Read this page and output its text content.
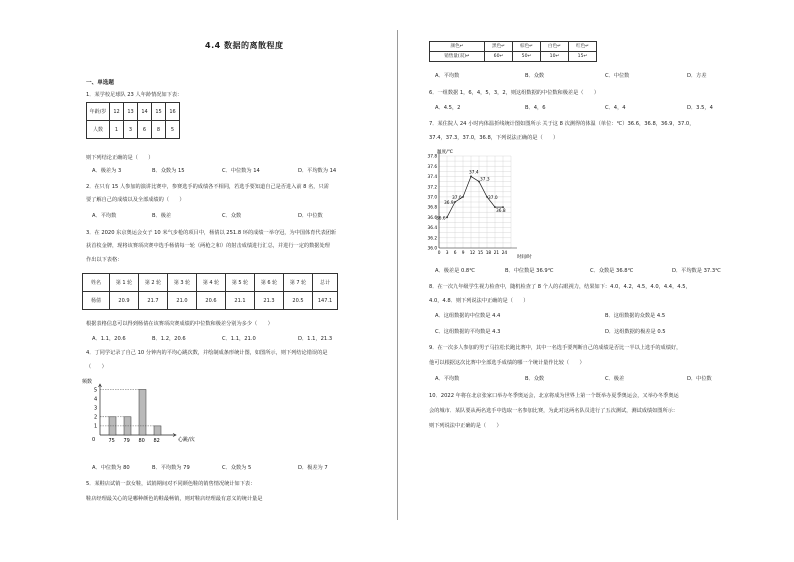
4.4 数据的离散程度
一、单选题
1．某学校足球队 23 人年龄情况如下表：
年龄/岁	12	13	14	15	16
人数	1	3	6	8	5
则下列结论正确的是（　　）
A．极差为 3	B．众数为 15	C．中位数为 14	D．平均数为 14
2．在只有 15 人参加的演讲比赛中，参赛选手的成绩各不相同，若选手要知道自己是否进入前 8 名，只需
要了解自己的成绩以及全部成绩的（　　）
A．平均数	B．极差	C．众数	D．中位数
3．在 2020 东京奥运会女子 10 米气步枪的项目中，杨倩以 251.8 环的成绩一举夺冠，为中国体育代表团斩
获首枚金牌，现将该赛项决赛中选手杨倩每一轮（两枪之和）的射击成绩进行汇总，并进行一定的数据处理
作出以下表格：
姓名	第 1 轮	第 2 轮	第 3 轮	第 4 轮	第 5 轮	第 6 轮	第 7 轮	总计
杨倩	20.9	21.7	21.0	20.6	21.1	21.3	20.5	147.1
根据表格信息可以得到杨倩在该赛项决赛成绩的中位数和极差分别为多少（　　）
A．1.1，20.6	B．1.2，20.6	C．1.1，21.0	D．1.1，21.3
4．丁同学记录了自己 10 分钟内的平均心跳次数，并绘制成条形统计图，如图所示，则下列结论错误的是
（　　）
频数
心跳/次
0
1
2
3
4
5
75 79 80 82
A．中位数为 80	B．平均数为 79	C．众数为 5	D．极差为 7
5．某鞋店试销一款女鞋，试销期间对不同颜色鞋的销售情况统计如下表：
鞋店经理最关心的是哪种颜色的鞋最畅销，则对鞋店经理最有意义的统计量是
颜色↵	黑色↵	棕色↵	白色↵	红色↵
销售量(双)↵	60↵	50↵	10↵	15↵
A．平均数	B．众数	C．中位数	D．方差
6．一组数据 1，6，4，5，3，2，则这组数据的中位数和极差是（　　）
A．4.5，2	B．4，6	C．4，4	D．3.5，4
7．某住院人 24 小时内体温折线统计图如图所示 关于这 8 次测得的体温（单位：℃）36.6，36.8，36.9，37.0，
37.4，37.3，37.0，36.8，下列说法正确的是（　　）
温度/℃
时间/时
36.0
36.2
36.4
36.6
36.8
37.0
37.2
37.4
37.6
37.8
0 3 6 9 12 15 18 21 24
36.6
36.9
37.0
37.4
37.3
37.0
36.8
A．极差是 0.8℃	B．中位数是 36.9℃	C．众数是 36.8℃	D．平均数是 37.3℃
8．在一次九年级学生视力检查中，随机检查了 8 个人的右眼视力，结果如下：4.0，4.2，4.5，4.0，4.4，4.5，
4.0，4.8．则下列说法中正确的是（　　）
A．这组数据的中位数是 4.4	B．这组数据的众数是 4.5
C．这组数据的平均数是 4.3	D．这组数据的极差是 0.5
9．在一次多人参加的男子马拉松长跑比赛中，其中一名选手要判断自己的成绩是否比一半以上选手的成绩好，
他可以根据这次比赛中全部选手成绩的哪一个统计量作比较（　　）
A．平均数	B．众数	C．极差	D．中位数
10．2022 年将在北京张家口举办冬季奥运会，北京将成为世界上第一个既举办夏季奥运会，又举办冬季奥运
会的城市．某队要从两名选手中选取一名参加比赛，为此对这两名队员进行了五次测试，测试成绩如图所示：
则下列说法中正确的是（　　）
